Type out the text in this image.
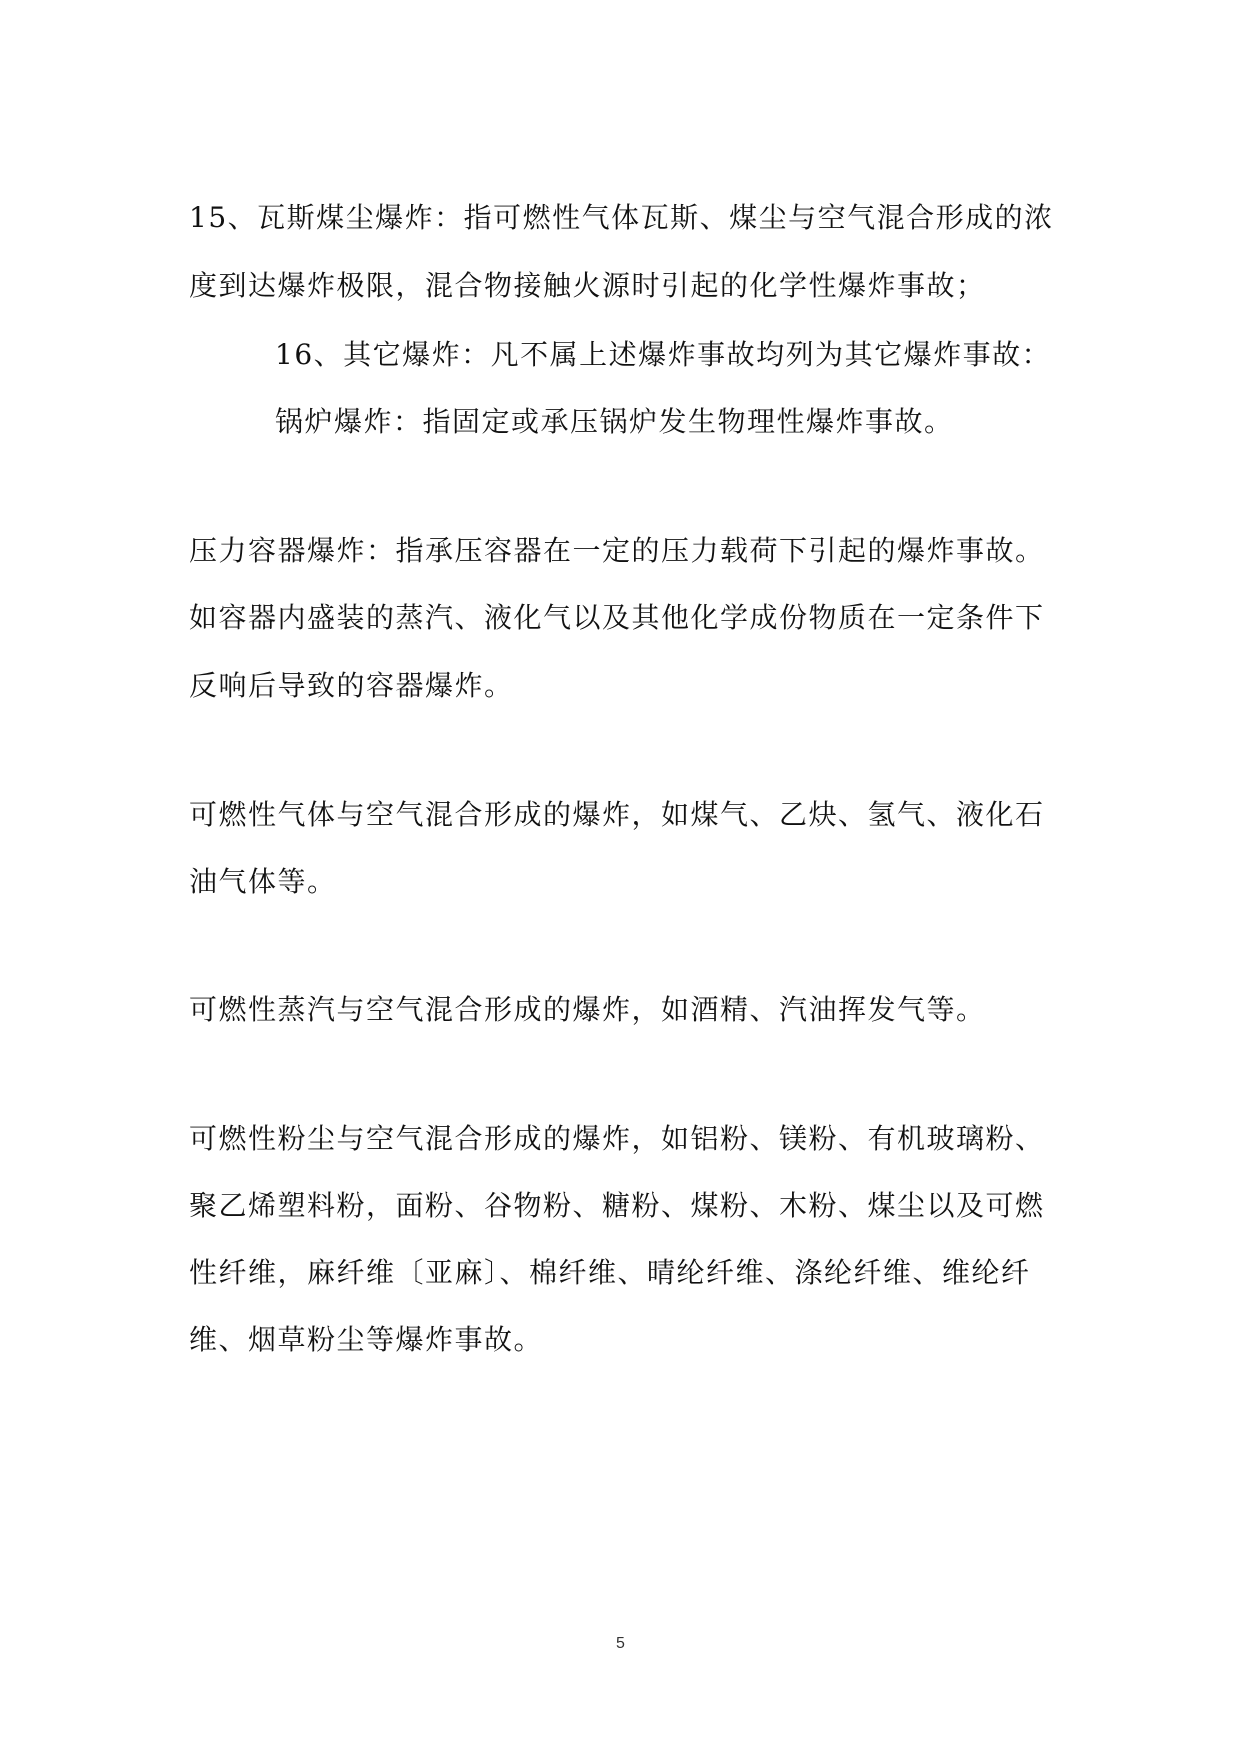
15、瓦斯煤尘爆炸：指可燃性气体瓦斯、煤尘与空气混合形成的浓
度到达爆炸极限，混合物接触火源时引起的化学性爆炸事故；
16、其它爆炸：凡不属上述爆炸事故均列为其它爆炸事故：
锅炉爆炸：指固定或承压锅炉发生物理性爆炸事故。
压力容器爆炸：指承压容器在一定的压力载荷下引起的爆炸事故。
如容器内盛装的蒸汽、液化气以及其他化学成份物质在一定条件下
反响后导致的容器爆炸。
可燃性气体与空气混合形成的爆炸，如煤气、乙炔、氢气、液化石
油气体等。
可燃性蒸汽与空气混合形成的爆炸，如酒精、汽油挥发气等。
可燃性粉尘与空气混合形成的爆炸，如铝粉、镁粉、有机玻璃粉、
聚乙烯塑料粉，面粉、谷物粉、糖粉、煤粉、木粉、煤尘以及可燃
性纤维，麻纤维〔亚麻〕、棉纤维、晴纶纤维、涤纶纤维、维纶纤
维、烟草粉尘等爆炸事故。
5
